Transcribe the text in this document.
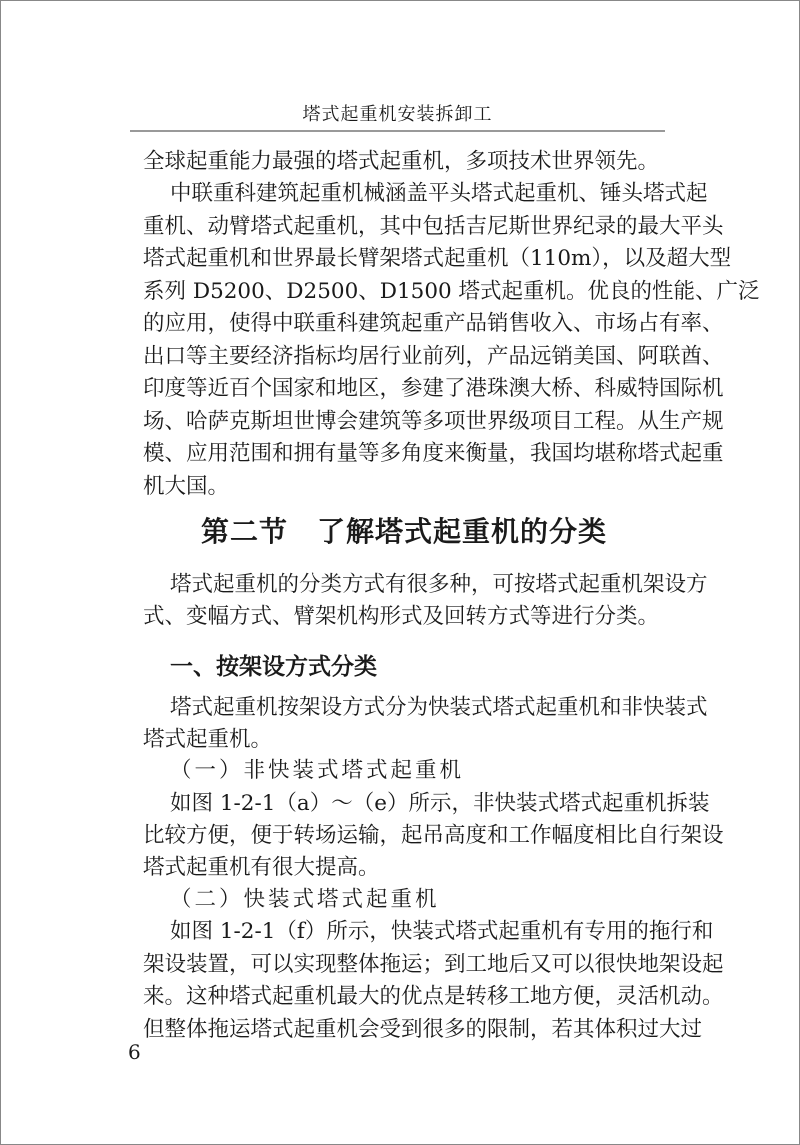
塔式起重机安装拆卸工
全球起重能力最强的塔式起重机，多项技术世界领先。
中联重科建筑起重机械涵盖平头塔式起重机、锤头塔式起
重机、动臂塔式起重机，其中包括吉尼斯世界纪录的最大平头
塔式起重机和世界最长臂架塔式起重机（110m），以及超大型
系列 D5200、D2500、D1500 塔式起重机。优良的性能、广泛
的应用，使得中联重科建筑起重产品销售收入、市场占有率、
出口等主要经济指标均居行业前列，产品远销美国、阿联酋、
印度等近百个国家和地区，参建了港珠澳大桥、科威特国际机
场、哈萨克斯坦世博会建筑等多项世界级项目工程。从生产规
模、应用范围和拥有量等多角度来衡量，我国均堪称塔式起重
机大国。
第二节　了解塔式起重机的分类
塔式起重机的分类方式有很多种，可按塔式起重机架设方
式、变幅方式、臂架机构形式及回转方式等进行分类。
一、按架设方式分类
塔式起重机按架设方式分为快装式塔式起重机和非快装式
塔式起重机。
（一）非快装式塔式起重机
如图 1-2-1（a）～（e）所示，非快装式塔式起重机拆装
比较方便，便于转场运输，起吊高度和工作幅度相比自行架设
塔式起重机有很大提高。
（二）快装式塔式起重机
如图 1-2-1（f）所示，快装式塔式起重机有专用的拖行和
架设装置，可以实现整体拖运；到工地后又可以很快地架设起
来。这种塔式起重机最大的优点是转移工地方便，灵活机动。
但整体拖运塔式起重机会受到很多的限制，若其体积过大过
6
